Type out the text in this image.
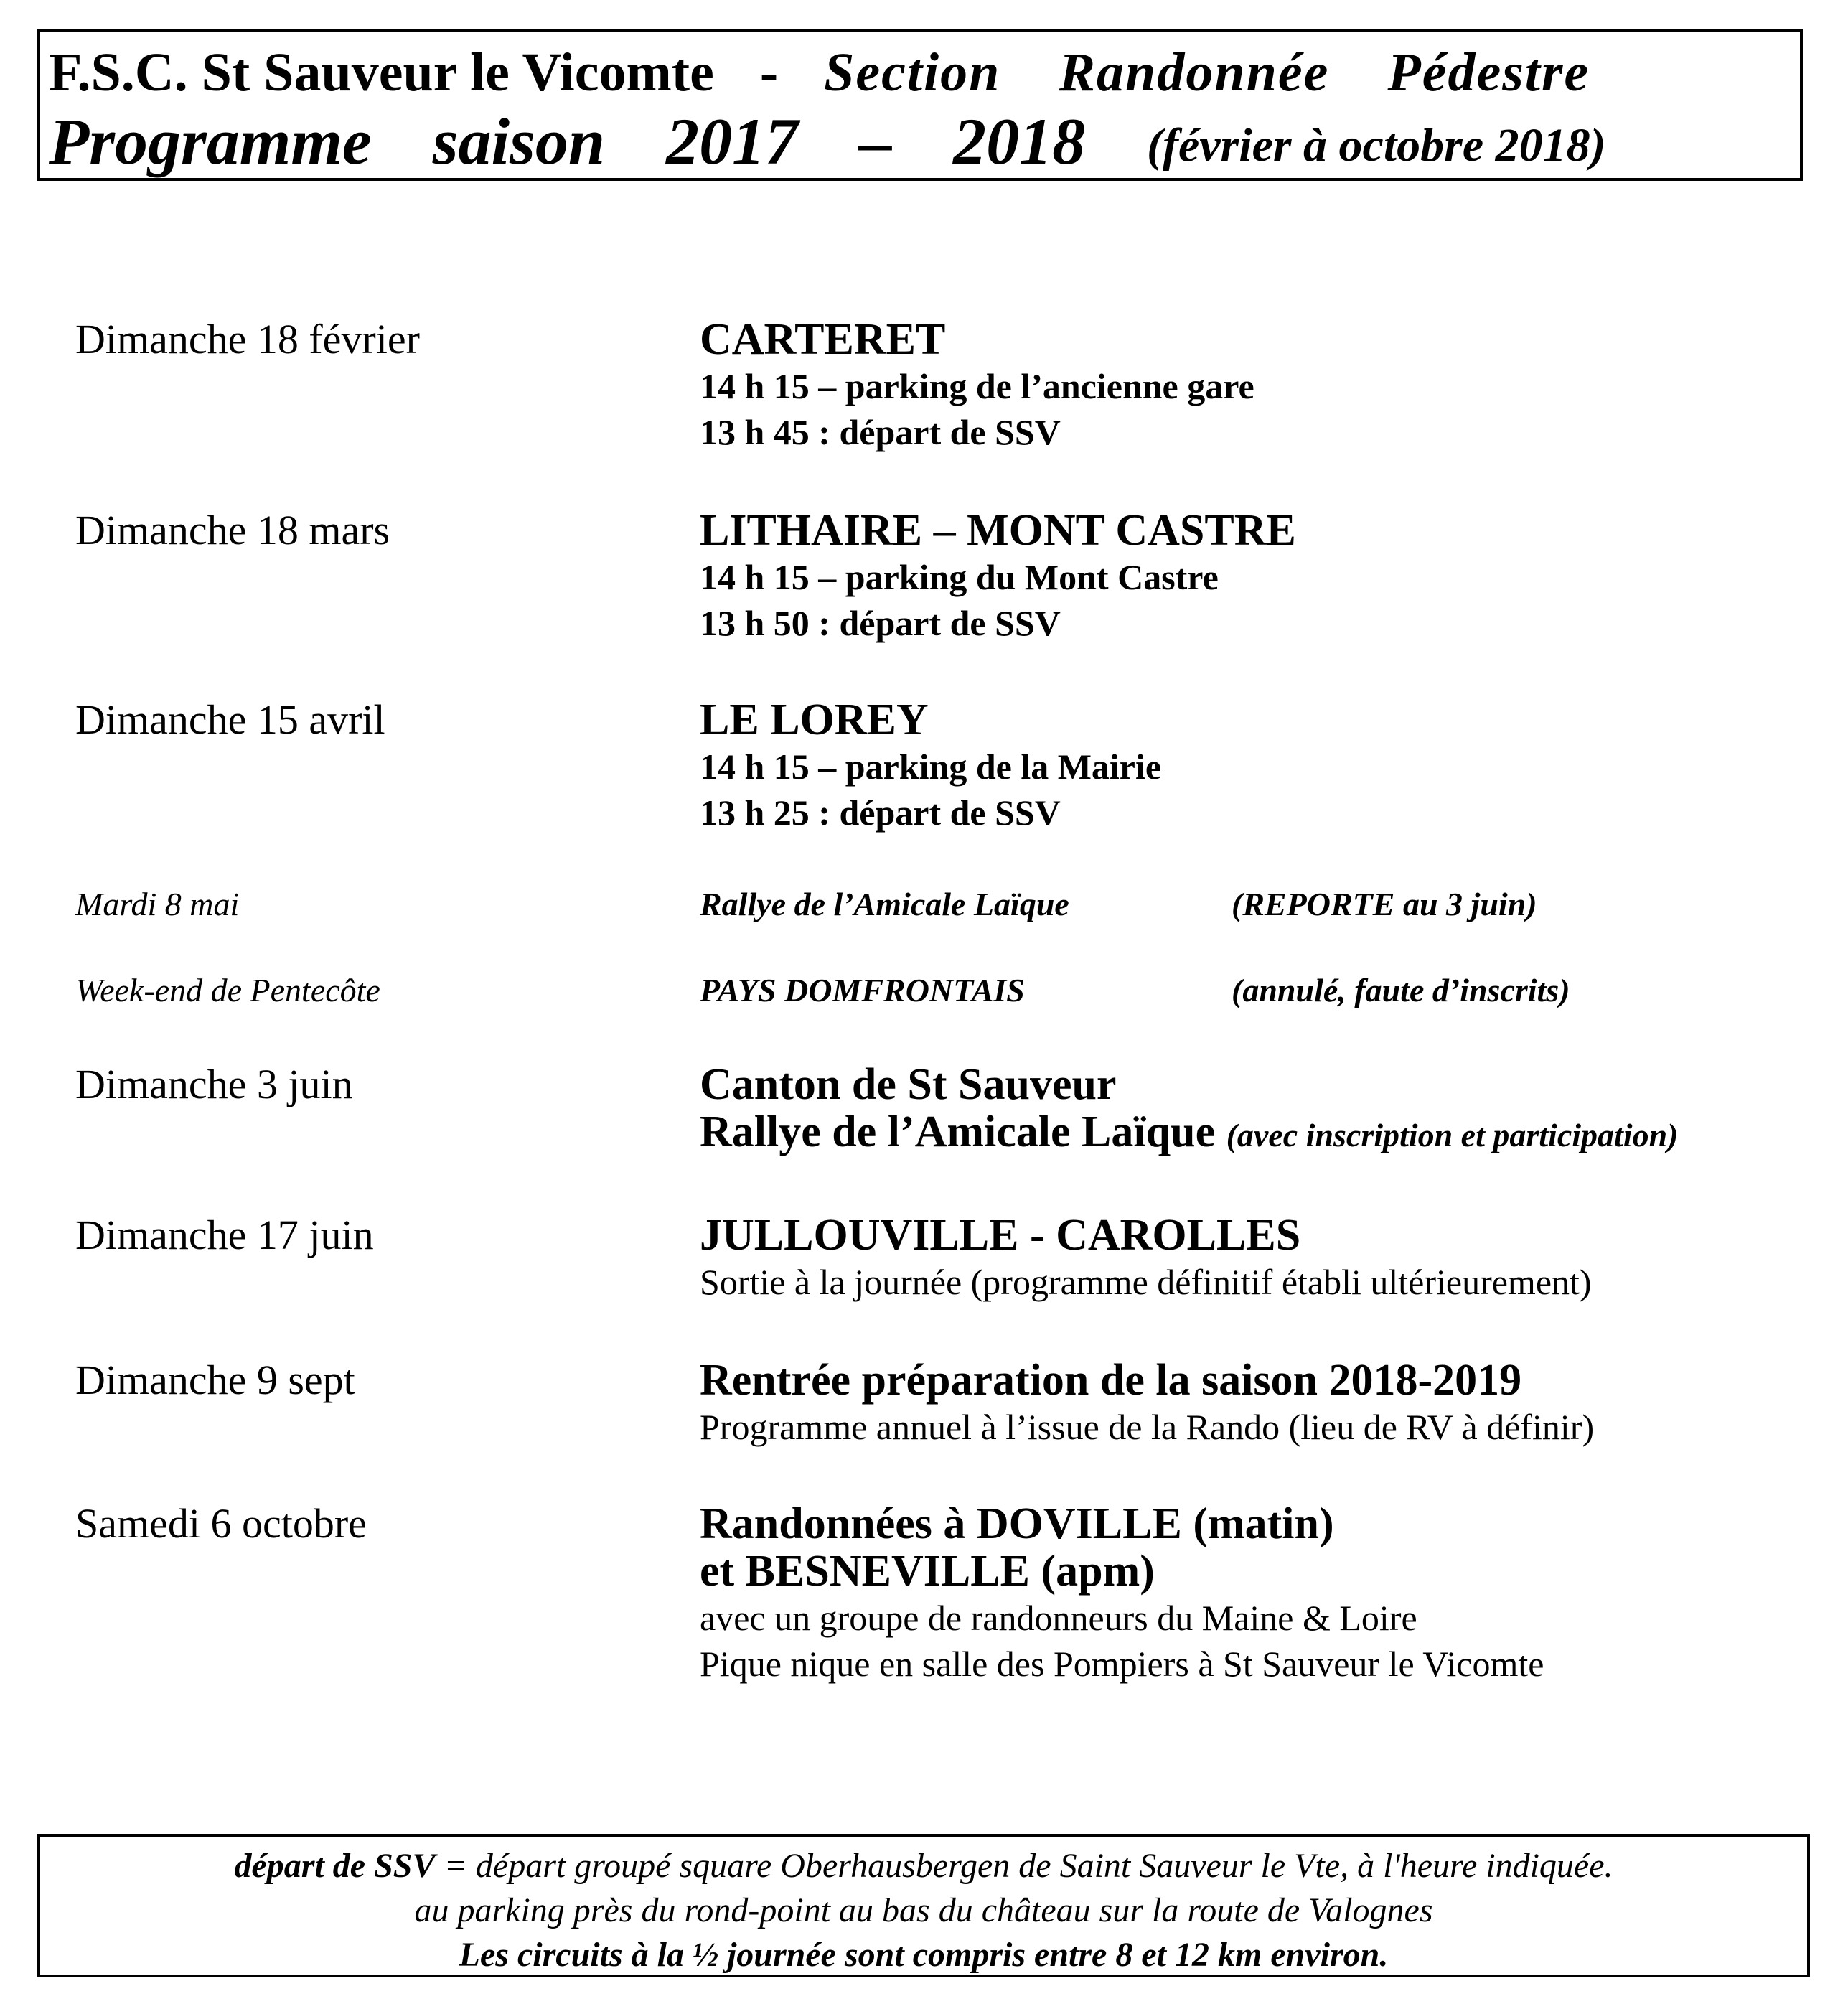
F.S.C. St Sauveur le Vicomte - Section Randonnée Pédestre
Programme saison 2017 – 2018 (février à octobre 2018)
Dimanche 18 février	CARTERET
14 h 15 – parking de l’ancienne gare
13 h 45 : départ de SSV
Dimanche 18 mars	LITHAIRE – MONT CASTRE
14 h 15 – parking du Mont Castre
13 h 50 : départ de SSV
Dimanche 15 avril	LE LOREY
14 h 15 – parking de la Mairie
13 h 25 : départ de SSV
Mardi 8 mai	Rallye de l’Amicale Laïque	(REPORTE au 3 juin)
Week-end de Pentecôte	PAYS DOMFRONTAIS	(annulé, faute d’inscrits)
Dimanche 3 juin	Canton de St Sauveur
Rallye de l’Amicale Laïque (avec inscription et participation)
Dimanche 17 juin	JULLOUVILLE - CAROLLES
Sortie à la journée (programme définitif établi ultérieurement)
Dimanche 9 sept	Rentrée préparation de la saison 2018-2019
Programme annuel à l’issue de la Rando (lieu de RV à définir)
Samedi 6 octobre	Randonnées à DOVILLE (matin)
et BESNEVILLE (apm)
avec un groupe de randonneurs du Maine & Loire
Pique nique en salle des Pompiers à St Sauveur le Vicomte
départ de SSV = départ groupé square Oberhausbergen de Saint Sauveur le Vte, à l'heure indiquée.
au parking près du rond-point au bas du château sur la route de Valognes
Les circuits à la ½ journée sont compris entre 8 et 12 km environ.
